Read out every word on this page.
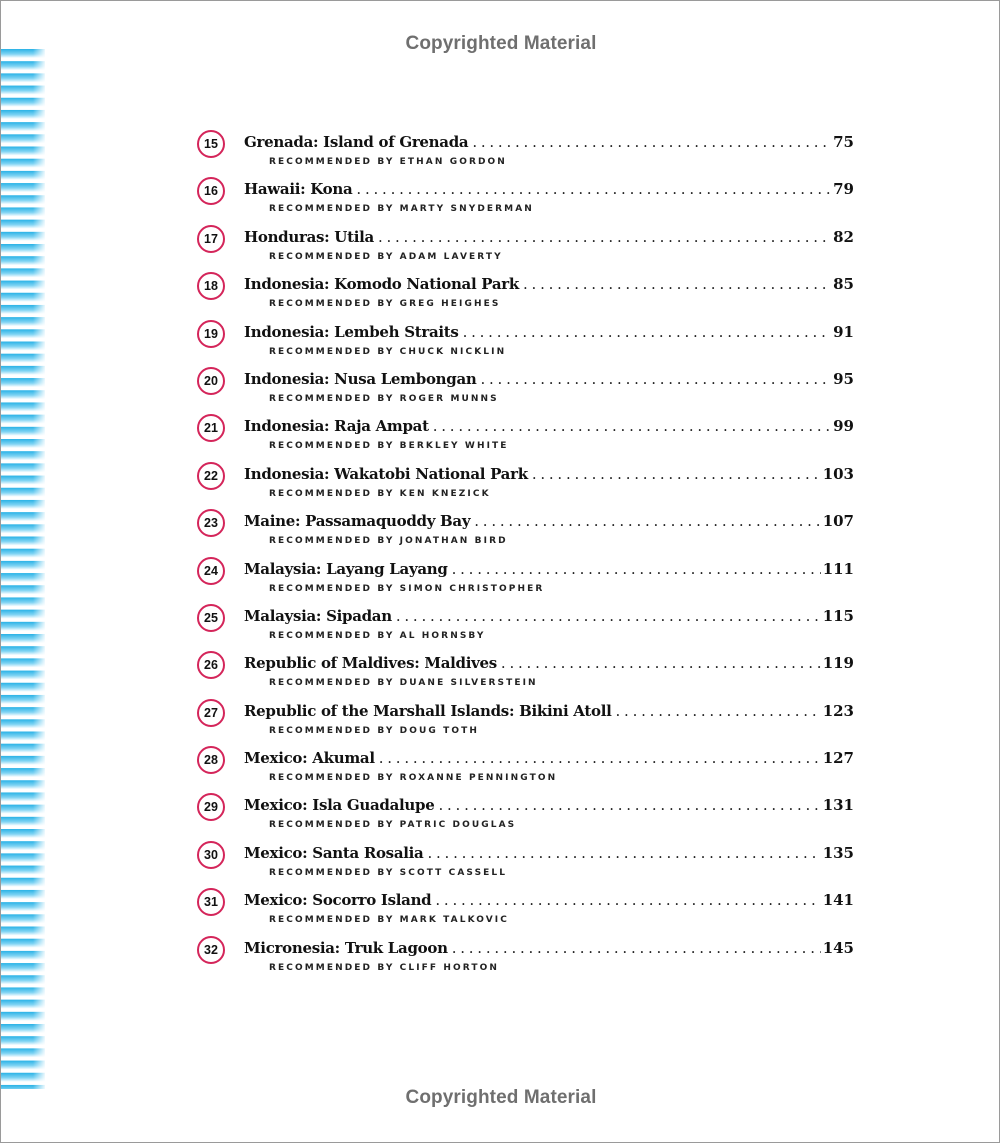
Copyrighted Material
15	Grenada: Island of Grenada . . .	75
RECOMMENDED BY ETHAN GORDON
16	Hawaii: Kona . . .	79
RECOMMENDED BY MARTY SNYDERMAN
17	Honduras: Utila . . .	82
RECOMMENDED BY ADAM LAVERTY
18	Indonesia: Komodo National Park . . .	85
RECOMMENDED BY GREG HEIGHES
19	Indonesia: Lembeh Straits . . .	91
RECOMMENDED BY CHUCK NICKLIN
20	Indonesia: Nusa Lembongan . . .	95
RECOMMENDED BY ROGER MUNNS
21	Indonesia: Raja Ampat . . .	99
RECOMMENDED BY BERKLEY WHITE
22	Indonesia: Wakatobi National Park . . .	103
RECOMMENDED BY KEN KNEZICK
23	Maine: Passamaquoddy Bay . . .	107
RECOMMENDED BY JONATHAN BIRD
24	Malaysia: Layang Layang . . .	111
RECOMMENDED BY SIMON CHRISTOPHER
25	Malaysia: Sipadan . . .	115
RECOMMENDED BY AL HORNSBY
26	Republic of Maldives: Maldives . . .	119
RECOMMENDED BY DUANE SILVERSTEIN
27	Republic of the Marshall Islands: Bikini Atoll . . .	123
RECOMMENDED BY DOUG TOTH
28	Mexico: Akumal . . .	127
RECOMMENDED BY ROXANNE PENNINGTON
29	Mexico: Isla Guadalupe . . .	131
RECOMMENDED BY PATRIC DOUGLAS
30	Mexico: Santa Rosalia . . .	135
RECOMMENDED BY SCOTT CASSELL
31	Mexico: Socorro Island . . .	141
RECOMMENDED BY MARK TALKOVIC
32	Micronesia: Truk Lagoon . . .	145
RECOMMENDED BY CLIFF HORTON
Copyrighted Material
